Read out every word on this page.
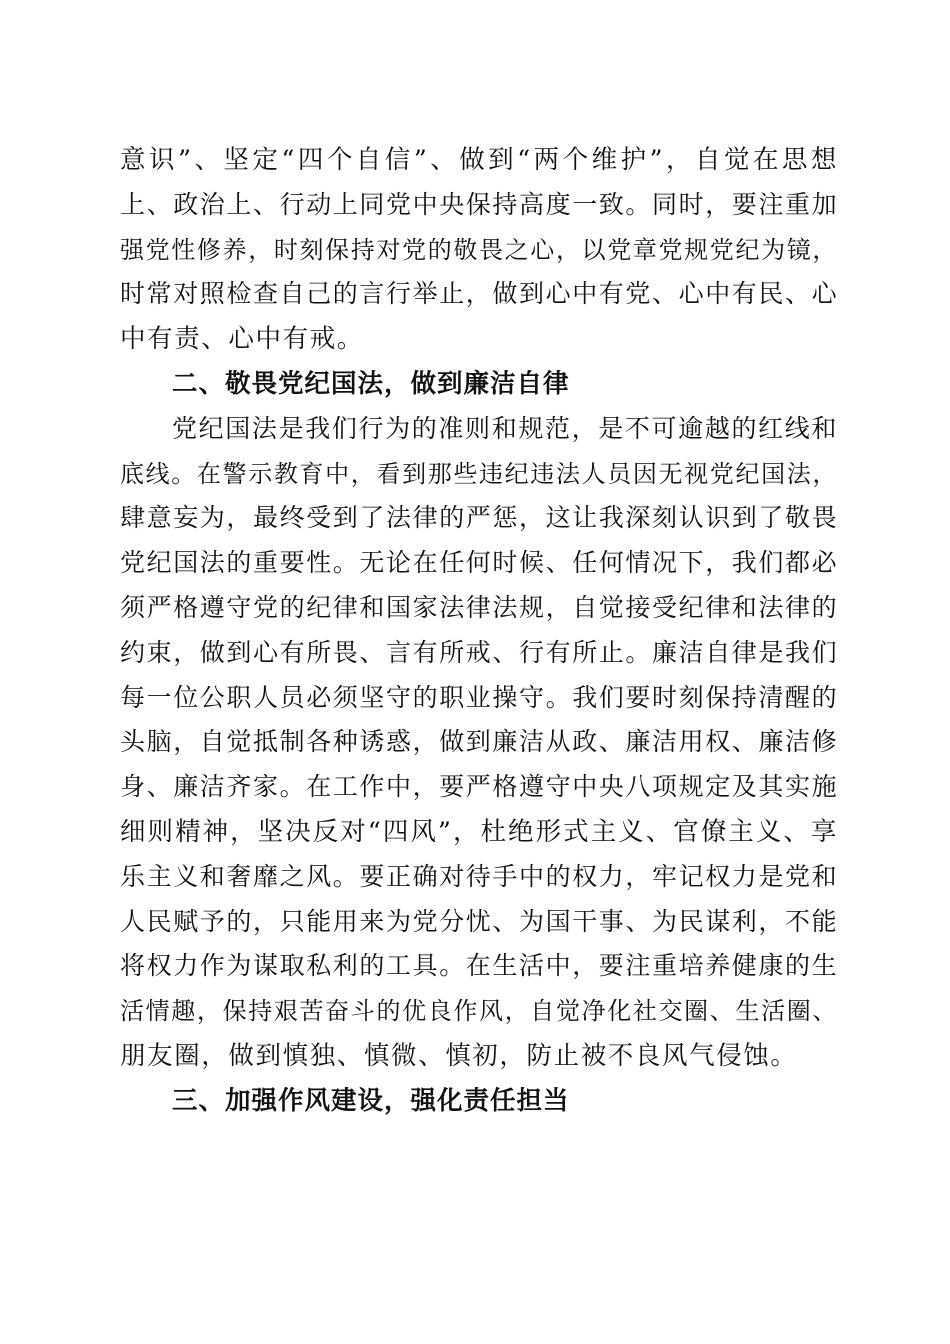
意识”、坚定“四个自信”、做到“两个维护”，自觉在思想
上、政治上、行动上同党中央保持高度一致。同时，要注重加
强党性修养，时刻保持对党的敬畏之心，以党章党规党纪为镜，
时常对照检查自己的言行举止，做到心中有党、心中有民、心
中有责、心中有戒。
二、敬畏党纪国法，做到廉洁自律
党纪国法是我们行为的准则和规范，是不可逾越的红线和
底线。在警示教育中，看到那些违纪违法人员因无视党纪国法，
肆意妄为，最终受到了法律的严惩，这让我深刻认识到了敬畏
党纪国法的重要性。无论在任何时候、任何情况下，我们都必
须严格遵守党的纪律和国家法律法规，自觉接受纪律和法律的
约束，做到心有所畏、言有所戒、行有所止。廉洁自律是我们
每一位公职人员必须坚守的职业操守。我们要时刻保持清醒的
头脑，自觉抵制各种诱惑，做到廉洁从政、廉洁用权、廉洁修
身、廉洁齐家。在工作中，要严格遵守中央八项规定及其实施
细则精神，坚决反对“四风”，杜绝形式主义、官僚主义、享
乐主义和奢靡之风。要正确对待手中的权力，牢记权力是党和
人民赋予的，只能用来为党分忧、为国干事、为民谋利，不能
将权力作为谋取私利的工具。在生活中，要注重培养健康的生
活情趣，保持艰苦奋斗的优良作风，自觉净化社交圈、生活圈、
朋友圈，做到慎独、慎微、慎初，防止被不良风气侵蚀。
三、加强作风建设，强化责任担当
